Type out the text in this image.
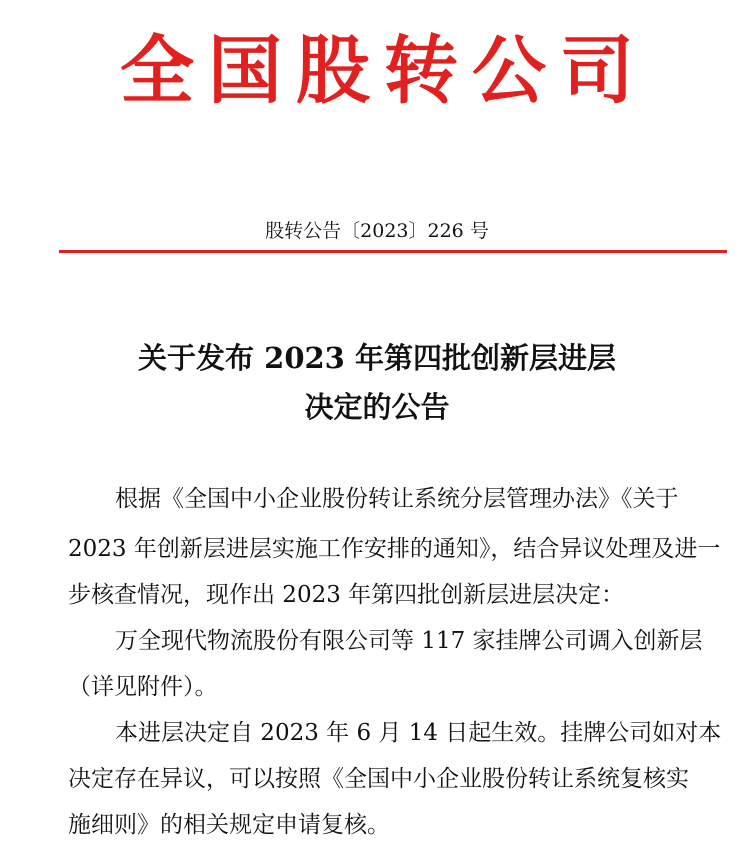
全国股转公司
股转公告〔2023〕226 号
关于发布 2023 年第四批创新层进层
决定的公告
根据《全国中小企业股份转让系统分层管理办法》《关于
2023 年创新层进层实施工作安排的通知》，结合异议处理及进一
步核查情况，现作出 2023 年第四批创新层进层决定：
万全现代物流股份有限公司等 117 家挂牌公司调入创新层
（详见附件）。
本进层决定自 2023 年 6 月 14 日起生效。挂牌公司如对本
决定存在异议，可以按照《全国中小企业股份转让系统复核实
施细则》的相关规定申请复核。
